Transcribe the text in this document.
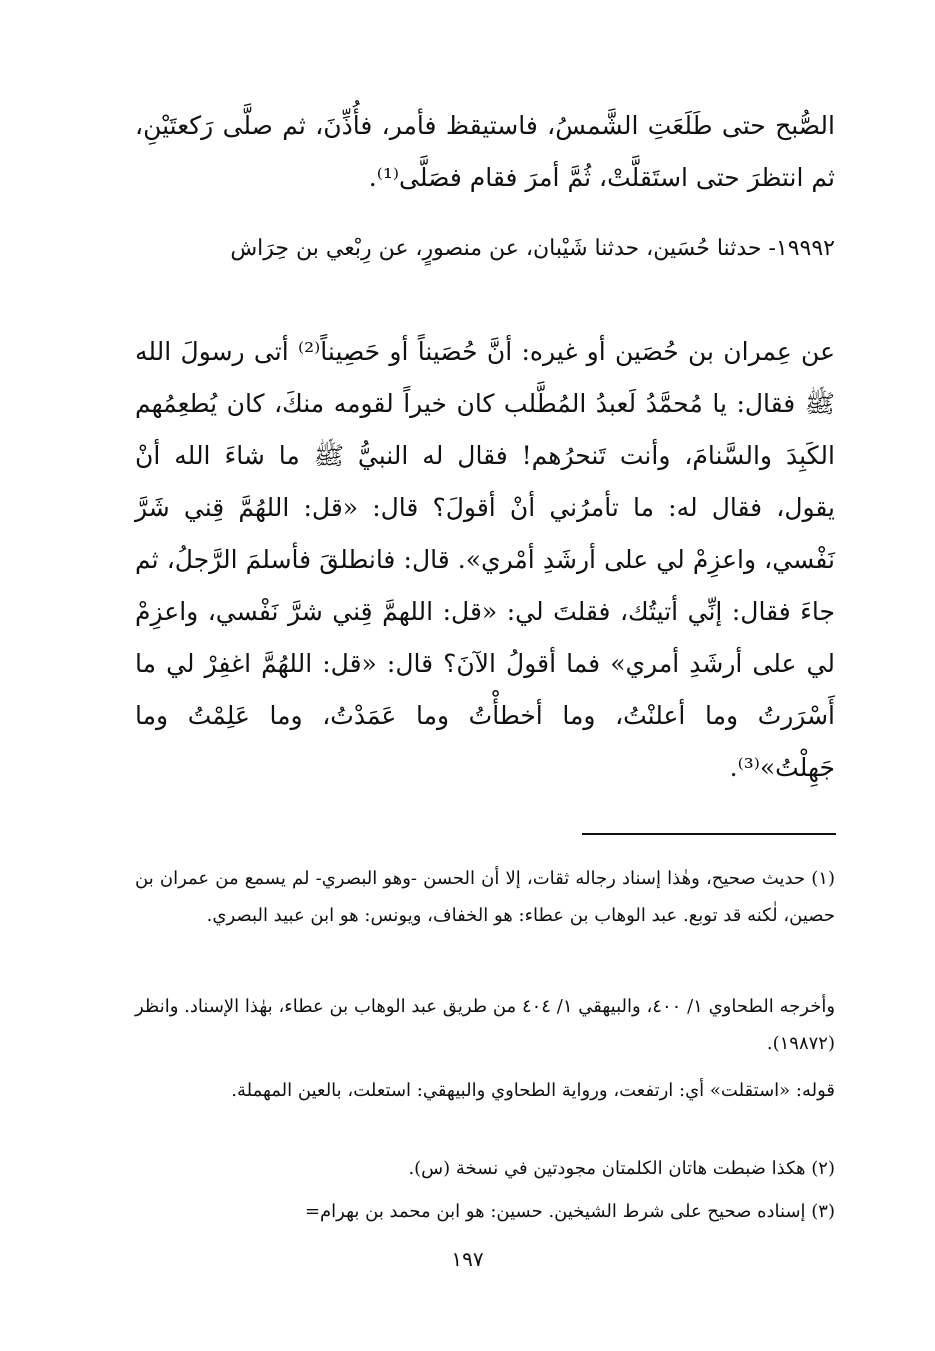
الصُّبح حتى طَلَعَتِ الشَّمسُ، فاستيقظ فأمر، فأُذِّنَ، ثم صلَّى رَكعتَيْنِ، ثم انتظرَ حتى استَقلَّتْ، ثُمَّ أمرَ فقام فصَلَّى⁽¹⁾.

١٩٩٩٢- حدثنا حُسَين، حدثنا شَيْبان، عن منصورٍ، عن رِبْعي بن حِرَاش

عن عِمران بن حُصَين أو غيره: أنَّ حُصَيناً أو حَصِيناً⁽²⁾ أتى رسولَ الله ﷺ فقال: يا مُحمَّدُ لَعبدُ المُطَّلب كان خيراً لقومه منكَ، كان يُطعِمُهم الكَبِدَ والسَّنامَ، وأنت تَنحرُهم! فقال له النبيُّ ﷺ ما شاءَ الله أنْ يقول، فقال له: ما تأمرُني أنْ أقولَ؟ قال: «قل: اللهُمَّ قِني شَرَّ نَفْسي، واعزِمْ لي على أرشَدِ أمْري». قال: فانطلقَ فأسلمَ الرَّجلُ، ثم جاءَ فقال: إنِّي أتيتُك، فقلتَ لي: «قل: اللهمَّ قِني شرَّ نَفْسي، واعزِمْ لي على أرشَدِ أمري» فما أقولُ الآنَ؟ قال: «قل: اللهُمَّ اغفِرْ لي ما أَسْرَرتُ وما أعلنْتُ، وما أخطأْتُ وما عَمَدْتُ، وما عَلِمْتُ وما جَهِلْتُ»⁽³⁾.

(١) حديث صحيح، وهٰذا إسناد رجاله ثقات، إلا أن الحسن -وهو البصري- لم يسمع من عمران بن حصين، لٰكنه قد توبع. عبد الوهاب بن عطاء: هو الخفاف، ويونس: هو ابن عبيد البصري.

وأخرجه الطحاوي ١/ ٤٠٠، والبيهقي ١/ ٤٠٤ من طريق عبد الوهاب بن عطاء، بهٰذا الإسناد. وانظر (١٩٨٧٢).

قوله: «استقلت» أي: ارتفعت، ورواية الطحاوي والبيهقي: استعلت، بالعين المهملة.

(٢) هكذا ضبطت هاتان الكلمتان مجودتين في نسخة (س).

(٣) إسناده صحيح على شرط الشيخين. حسين: هو ابن محمد بن بهرام=

١٩٧
